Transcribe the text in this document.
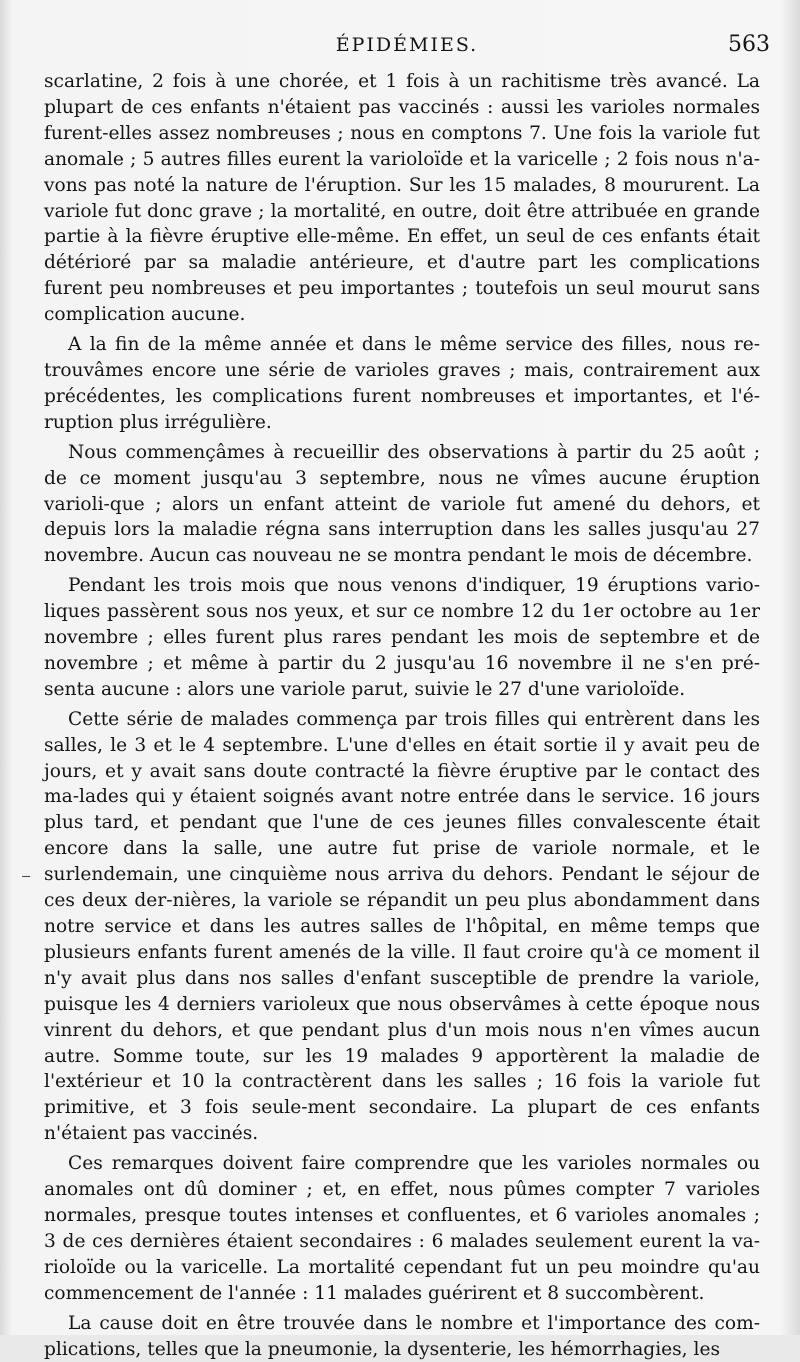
ÉPIDÉMIES.	563

scarlatine, 2 fois à une chorée, et 1 fois à un rachitisme très avancé. La plupart de ces enfants n'étaient pas vaccinés : aussi les varioles normales furent-elles assez nombreuses ; nous en comptons 7. Une fois la variole fut anomale ; 5 autres filles eurent la varioloïde et la varicelle ; 2 fois nous n'a-vons pas noté la nature de l'éruption. Sur les 15 malades, 8 moururent. La variole fut donc grave ; la mortalité, en outre, doit être attribuée en grande partie à la fièvre éruptive elle-même. En effet, un seul de ces enfants était détérioré par sa maladie antérieure, et d'autre part les complications furent peu nombreuses et peu importantes ; toutefois un seul mourut sans complication aucune.

A la fin de la même année et dans le même service des filles, nous re-trouvâmes encore une série de varioles graves ; mais, contrairement aux précédentes, les complications furent nombreuses et importantes, et l'é-ruption plus irrégulière.

Nous commençâmes à recueillir des observations à partir du 25 août ; de ce moment jusqu'au 3 septembre, nous ne vîmes aucune éruption varioli-que ; alors un enfant atteint de variole fut amené du dehors, et depuis lors la maladie régna sans interruption dans les salles jusqu'au 27 novembre. Aucun cas nouveau ne se montra pendant le mois de décembre.

Pendant les trois mois que nous venons d'indiquer, 19 éruptions vario-liques passèrent sous nos yeux, et sur ce nombre 12 du 1er octobre au 1er novembre ; elles furent plus rares pendant les mois de septembre et de novembre ; et même à partir du 2 jusqu'au 16 novembre il ne s'en pré-senta aucune : alors une variole parut, suivie le 27 d'une varioloïde.

Cette série de malades commença par trois filles qui entrèrent dans les salles, le 3 et le 4 septembre. L'une d'elles en était sortie il y avait peu de jours, et y avait sans doute contracté la fièvre éruptive par le contact des ma-lades qui y étaient soignés avant notre entrée dans le service. 16 jours plus tard, et pendant que l'une de ces jeunes filles convalescente était encore dans la salle, une autre fut prise de variole normale, et le surlendemain, une cinquième nous arriva du dehors. Pendant le séjour de ces deux der-nières, la variole se répandit un peu plus abondamment dans notre service et dans les autres salles de l'hôpital, en même temps que plusieurs enfants furent amenés de la ville. Il faut croire qu'à ce moment il n'y avait plus dans nos salles d'enfant susceptible de prendre la variole, puisque les 4 derniers varioleux que nous observâmes à cette époque nous vinrent du dehors, et que pendant plus d'un mois nous n'en vîmes aucun autre. Somme toute, sur les 19 malades 9 apportèrent la maladie de l'extérieur et 10 la contractèrent dans les salles ; 16 fois la variole fut primitive, et 3 fois seule-ment secondaire. La plupart de ces enfants n'étaient pas vaccinés.

Ces remarques doivent faire comprendre que les varioles normales ou anomales ont dû dominer ; et, en effet, nous pûmes compter 7 varioles normales, presque toutes intenses et confluentes, et 6 varioles anomales ; 3 de ces dernières étaient secondaires : 6 malades seulement eurent la va-rioloïde ou la varicelle. La mortalité cependant fut un peu moindre qu'au commencement de l'année : 11 malades guérirent et 8 succombèrent.

La cause doit en être trouvée dans le nombre et l'importance des com-plications, telles que la pneumonie, la dysenterie, les hémorrhagies, les
